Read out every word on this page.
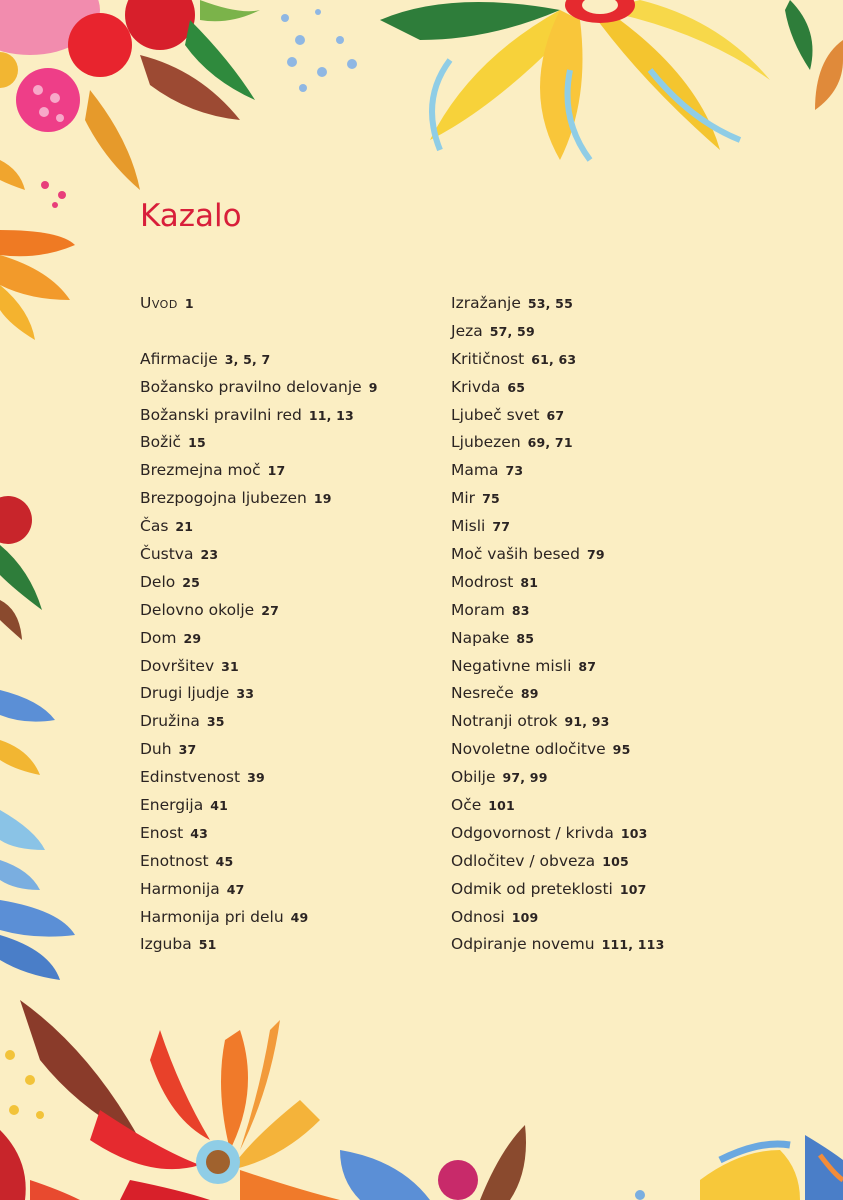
Kazalo
Uvod 1
Afirmacije 3, 5, 7
Božansko pravilno delovanje 9
Božanski pravilni red 11, 13
Božič 15
Brezmejna moč 17
Brezpogojna ljubezen 19
Čas 21
Čustva 23
Delo 25
Delovno okolje 27
Dom 29
Dovršitev 31
Drugi ljudje 33
Družina 35
Duh 37
Edinstvenost 39
Energija 41
Enost 43
Enotnost 45
Harmonija 47
Harmonija pri delu 49
Izguba 51
Izražanje 53, 55
Jeza 57, 59
Kritičnost 61, 63
Krivda 65
Ljubeč svet 67
Ljubezen 69, 71
Mama 73
Mir 75
Misli 77
Moč vaših besed 79
Modrost 81
Moram 83
Napake 85
Negativne misli 87
Nesreče 89
Notranji otrok 91, 93
Novoletne odločitve 95
Obilje 97, 99
Oče 101
Odgovornost / krivda 103
Odločitev / obveza 105
Odmik od preteklosti 107
Odnosi 109
Odpiranje novemu 111, 113
